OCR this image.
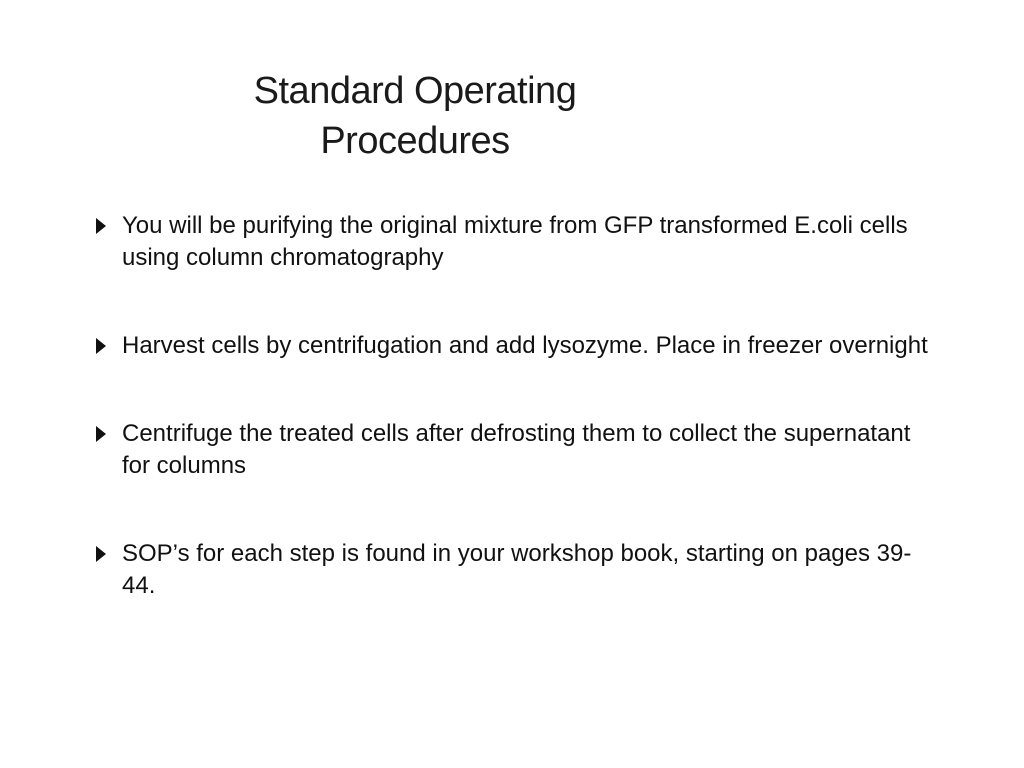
Standard Operating
Procedures
You will be purifying the original mixture from GFP transformed E.coli cells using column chromatography
Harvest cells by centrifugation and add lysozyme. Place in freezer overnight
Centrifuge the treated cells after defrosting them to collect the supernatant for columns
SOP’s for each step is found in your workshop book, starting on pages 39-44.
